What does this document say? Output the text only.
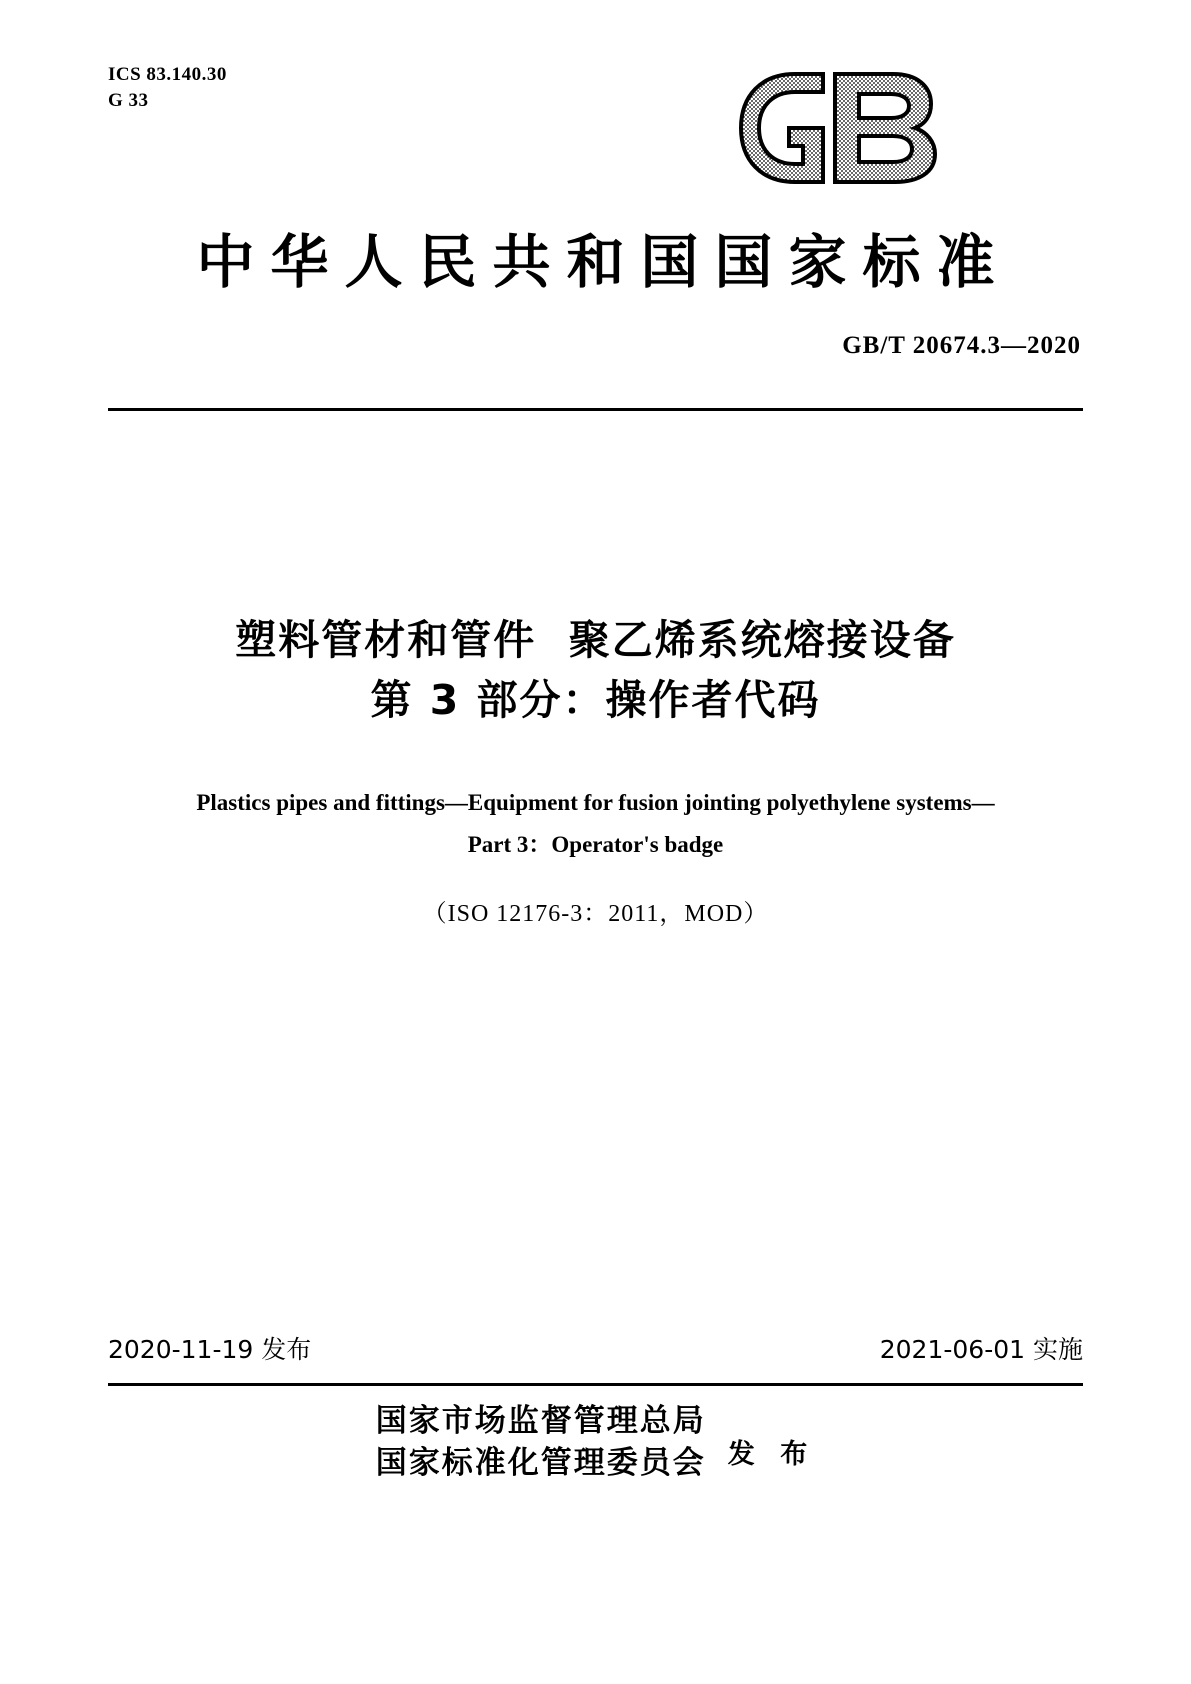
ICS 83.140.30
G 33
中华人民共和国国家标准
GB/T 20674.3—2020
塑料管材和管件  聚乙烯系统熔接设备
第 3 部分：操作者代码
Plastics pipes and fittings—Equipment for fusion jointing polyethylene systems—
Part 3：Operator's badge
（ISO 12176-3：2011，MOD）
2020-11-19 发布	2021-06-01 实施
国家市场监督管理总局
国家标准化管理委员会 发 布
